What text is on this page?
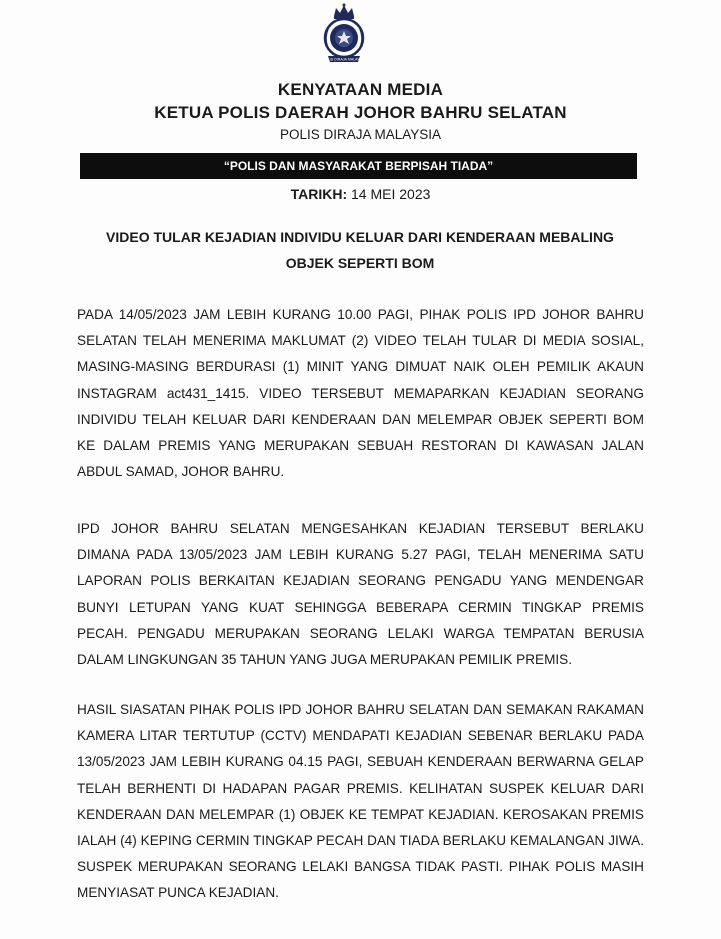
POLIS DIRAJA MALAYSIA
KENYATAAN MEDIA
KETUA POLIS DAERAH JOHOR BAHRU SELATAN
POLIS DIRAJA MALAYSIA
“POLIS DAN MASYARAKAT BERPISAH TIADA”
TARIKH: 14 MEI 2023
VIDEO TULAR KEJADIAN INDIVIDU KELUAR DARI KENDERAAN MEBALING
OBJEK SEPERTI BOM

PADA 14/05/2023 JAM LEBIH KURANG 10.00 PAGI, PIHAK POLIS IPD JOHOR BAHRU SELATAN TELAH MENERIMA MAKLUMAT (2) VIDEO TELAH TULAR DI MEDIA SOSIAL, MASING-MASING BERDURASI (1) MINIT YANG DIMUAT NAIK OLEH PEMILIK AKAUN INSTAGRAM act431_1415. VIDEO TERSEBUT MEMAPARKAN KEJADIAN SEORANG INDIVIDU TELAH KELUAR DARI KENDERAAN DAN MELEMPAR OBJEK SEPERTI BOM KE DALAM PREMIS YANG MERUPAKAN SEBUAH RESTORAN DI KAWASAN JALAN ABDUL SAMAD, JOHOR BAHRU.

IPD JOHOR BAHRU SELATAN MENGESAHKAN KEJADIAN TERSEBUT BERLAKU DIMANA PADA 13/05/2023 JAM LEBIH KURANG 5.27 PAGI, TELAH MENERIMA SATU LAPORAN POLIS BERKAITAN KEJADIAN SEORANG PENGADU YANG MENDENGAR BUNYI LETUPAN YANG KUAT SEHINGGA BEBERAPA CERMIN TINGKAP PREMIS PECAH. PENGADU MERUPAKAN SEORANG LELAKI WARGA TEMPATAN BERUSIA DALAM LINGKUNGAN 35 TAHUN YANG JUGA MERUPAKAN PEMILIK PREMIS.

HASIL SIASATAN PIHAK POLIS IPD JOHOR BAHRU SELATAN DAN SEMAKAN RAKAMAN KAMERA LITAR TERTUTUP (CCTV) MENDAPATI KEJADIAN SEBENAR BERLAKU PADA 13/05/2023 JAM LEBIH KURANG 04.15 PAGI, SEBUAH KENDERAAN BERWARNA GELAP TELAH BERHENTI DI HADAPAN PAGAR PREMIS. KELIHATAN SUSPEK KELUAR DARI KENDERAAN DAN MELEMPAR (1) OBJEK KE TEMPAT KEJADIAN. KEROSAKAN PREMIS IALAH (4) KEPING CERMIN TINGKAP PECAH DAN TIADA BERLAKU KEMALANGAN JIWA. SUSPEK MERUPAKAN SEORANG LELAKI BANGSA TIDAK PASTI. PIHAK POLIS MASIH MENYIASAT PUNCA KEJADIAN.
